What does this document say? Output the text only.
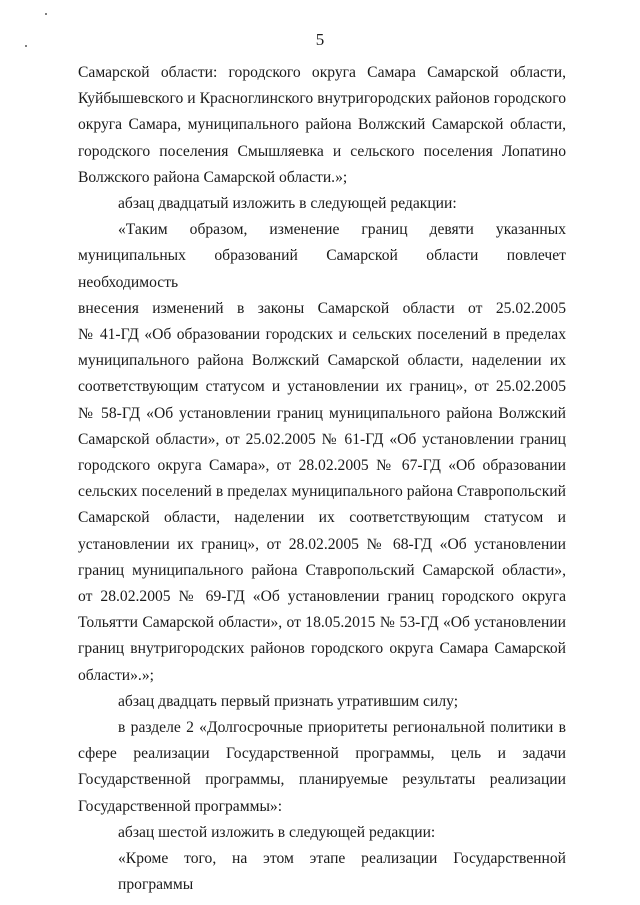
5
Самарской области: городского округа Самара Самарской области,
Куйбышевского и Красноглинского внутригородских районов городского
округа Самара, муниципального района Волжский Самарской области,
городского поселения Смышляевка и сельского поселения Лопатино
Волжского района Самарской области.»;
абзац двадцатый изложить в следующей редакции:
«Таким образом, изменение границ девяти указанных
муниципальных образований Самарской области повлечет необходимость
внесения изменений в законы Самарской области от 25.02.2005
№ 41-ГД «Об образовании городских и сельских поселений в пределах
муниципального района Волжский Самарской области, наделении их
соответствующим статусом и установлении их границ», от 25.02.2005
№ 58-ГД «Об установлении границ муниципального района Волжский
Самарской области», от 25.02.2005 № 61-ГД «Об установлении границ
городского округа Самара», от 28.02.2005 № 67-ГД «Об образовании
сельских поселений в пределах муниципального района Ставропольский
Самарской области, наделении их соответствующим статусом и
установлении их границ», от 28.02.2005 № 68-ГД «Об установлении
границ муниципального района Ставропольский Самарской области»,
от 28.02.2005 № 69-ГД «Об установлении границ городского округа
Тольятти Самарской области», от 18.05.2015 № 53-ГД «Об установлении
границ внутригородских районов городского округа Самара Самарской
области».»;
абзац двадцать первый признать утратившим силу;
в разделе 2 «Долгосрочные приоритеты региональной политики в
сфере реализации Государственной программы, цель и задачи
Государственной программы, планируемые результаты реализации
Государственной программы»:
абзац шестой изложить в следующей редакции:
«Кроме того, на этом этапе реализации Государственной программы
